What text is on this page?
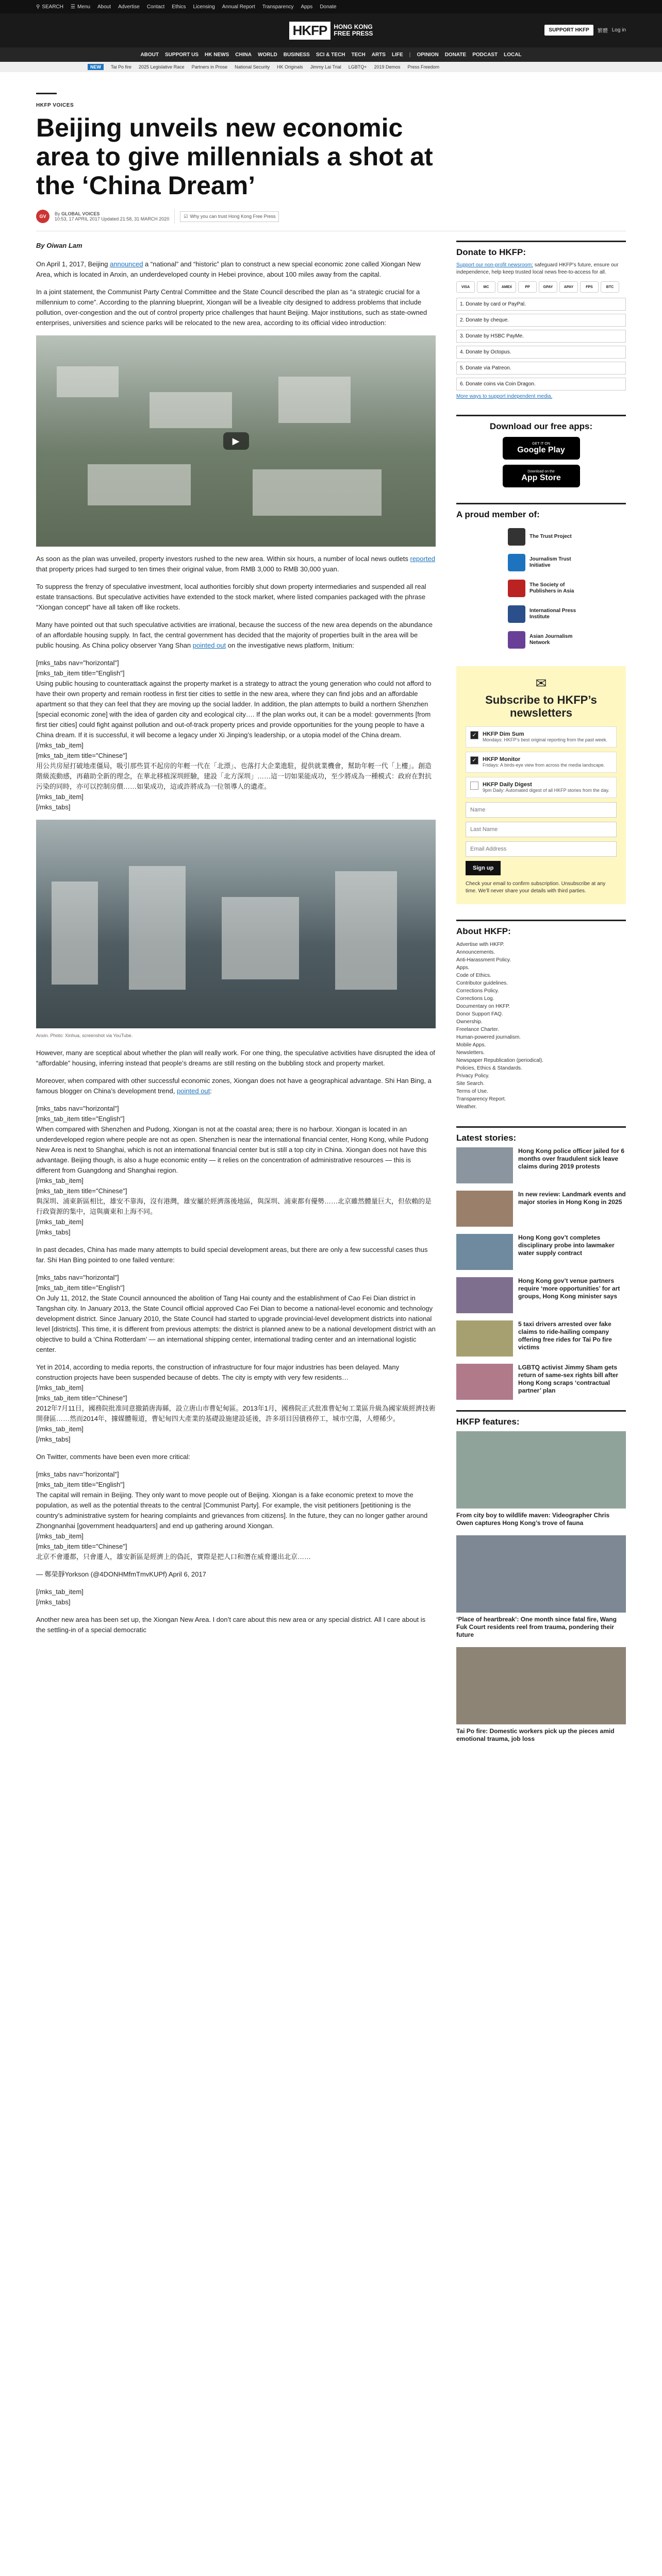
⚲ SEARCH ☰ Menu About Advertise Contact Ethics Licensing Annual Report Transparency Apps Donate
HKFP	HONG KONG
FREE PRESS	SUPPORT HKFP	繁體 Log in
ABOUT SUPPORT US HK NEWS CHINA WORLD BUSINESS SCI & TECH TECH ARTS LIFE | OPINION DONATE PODCAST LOCAL
NEW	Tai Po fire 2025 Legislative Race Partners in Prose National Security HK Originals Jimmy Lai Trial LGBTQ+ 2019 Demos Press Freedom
HKFP VOICES
Beijing unveils new economic area to give millennials a shot at the ‘China Dream’
GV	By GLOBAL VOICES
10:53, 17 APRIL 2017 Updated 21:58, 31 MARCH 2020
☑ Why you can trust Hong Kong Free Press

By Oiwan Lam

On April 1, 2017, Beijing announced a “national” and “historic” plan to construct a new special economic zone called Xiongan New Area, which is located in Anxin, an underdeveloped county in Hebei province, about 100 miles away from the capital.

In a joint statement, the Communist Party Central Committee and the State Council described the plan as “a strategic crucial for a millennium to come”. According to the planning blueprint, Xiongan will be a liveable city designed to address problems that include pollution, over-congestion and the out of control property price challenges that haunt Beijing. Major institutions, such as state-owned enterprises, universities and science parks will be relocated to the new area, according to its official video introduction:

▶

As soon as the plan was unveiled, property investors rushed to the new area. Within six hours, a number of local news outlets reported that property prices had surged to ten times their original value, from RMB 3,000 to RMB 30,000 yuan.

To suppress the frenzy of speculative investment, local authorities forcibly shut down property intermediaries and suspended all real estate transactions. But speculative activities have extended to the stock market, where listed companies packaged with the phrase “Xiongan concept” have all taken off like rockets.

Many have pointed out that such speculative activities are irrational, because the success of the new area depends on the abundance of an affordable housing supply. In fact, the central government has decided that the majority of properties built in the area will be public housing. As China policy observer Yang Shan pointed out on the investigative news platform, Initium:

[mks_tabs nav="horizontal"]

[mks_tab_item title="English"]

Using public housing to counterattack against the property market is a strategy to attract the young generation who could not afford to have their own property and remain rootless in first tier cities to settle in the new area, where they can find jobs and an affordable apartment so that they can feel that they are moving up the social ladder. In addition, the plan attempts to build a northern Shenzhen [special economic zone] with the idea of garden city and ecological city…. If the plan works out, it can be a model: governments [from first tier cities] could fight against pollution and out-of-track property prices and provide opportunities for the young people to have a China dream. If it is successful, it will become a legacy under Xi Jinping’s leadership, or a utopia model of the China dream.

[/mks_tab_item]

[mks_tab_item title="Chinese"]

用公共房屋打破地產僵局，吸引那些買不起房的年輕一代在「北漂」、也落打大企業進駐，提供就業機會，幫助年輕一代「上樓」。創造階級流動感，再藉助全新的理念，在華北移植深圳經驗，建設「北方深圳」……這一切如果能成功，至少將成為一種模式：政府在對抗污染的同時，亦可以控制房價……如果成功，這或許將成為一位領導人的遺產。

[/mks_tab_item]

[/mks_tabs]

Anxin. Photo: Xinhua, screenshot via YouTube.

However, many are sceptical about whether the plan will really work. For one thing, the speculative activities have disrupted the idea of “affordable” housing, inferring instead that people’s dreams are still resting on the bubbling stock and property market.

Moreover, when compared with other successful economic zones, Xiongan does not have a geographical advantage. Shi Han Bing, a famous blogger on China’s development trend, pointed out:

[mks_tabs nav="horizontal"]

[mks_tab_item title="English"]

When compared with Shenzhen and Pudong, Xiongan is not at the coastal area; there is no harbour. Xiongan is located in an underdeveloped region where people are not as open. Shenzhen is near the international financial center, Hong Kong, while Pudong New Area is next to Shanghai, which is not an international financial center but is still a top city in China. Xiongan does not have this advantage. Beijing though, is also a huge economic entity — it relies on the concentration of administrative resources — this is different from Guangdong and Shanghai region.

[/mks_tab_item]

[mks_tab_item title="Chinese"]

與深圳、浦東新區相比，雄安不靠海，沒有港灣，雄安屬於經濟落後地區，與深圳、浦東都有優勢……北京雖然體量巨大，但依賴的是行政資源的集中，這與廣東和上海不同。

[/mks_tab_item]

[/mks_tabs]

In past decades, China has made many attempts to build special development areas, but there are only a few successful cases thus far. Shi Han Bing pointed to one failed venture:

[mks_tabs nav="horizontal"]

[mks_tab_item title="English"]

On July 11, 2012, the State Council announced the abolition of Tang Hai county and the establishment of Cao Fei Dian district in Tangshan city. In January 2013, the State Council official approved Cao Fei Dian to become a national-level economic and technology development district. Since January 2010, the State Council had started to upgrade provincial-level development districts into national level [districts]. This time, it is different from previous attempts: the district is planned anew to be a national development district with an objective to build a ‘China Rotterdam’ — an international shipping center, international trading center and an international logistic center.

Yet in 2014, according to media reports, the construction of infrastructure for four major industries has been delayed. Many construction projects have been suspended because of debts. The city is empty with very few residents…

[/mks_tab_item]

[mks_tab_item title="Chinese"]

2012年7月11日，國務院批准同意撤銷唐海縣，設立唐山市曹妃甸區。2013年1月，國務院正式批准曹妃甸工業區升級為國家級經濟技術開發區……然而2014年，據媒體報道，曹妃甸四大產業的基礎設施建設延後，許多項目因債務停工，城市空蕩，人煙稀少。

[/mks_tab_item]

[/mks_tabs]

On Twitter, comments have been even more critical:

[mks_tabs nav="horizontal"]

[mks_tab_item title="English"]

The capital will remain in Beijing. They only want to move people out of Beijing. Xiongan is a fake economic pretext to move the population, as well as the potential threats to the central [Communist Party]. For example, the visit petitioners [petitioning is the country’s administrative system for hearing complaints and grievances from citizens]. In the future, they can no longer gather around Zhongnanhai [government headquarters] and end up gathering around Xiongan.

[/mks_tab_item]

[mks_tab_item title="Chinese"]

北京不會遷都，只會遷人，雄安新區是經濟上的偽託，實際是把人口和潛在威脅遷出北京……

— 鄭榮靜Yorkson (@4DONHMfmTmvKUPf) April 6, 2017

[/mks_tab_item]

[/mks_tabs]

Another new area has been set up, the Xiongan New Area. I don’t care about this new area or any special district. All I care about is the settling-in of a special democratic

Donate to HKFP:

Support our non-profit newsroom: safeguard HKFP’s future, ensure our independence, help keep trusted local news free-to-access for all.

VISA	MC	AMEX	PP	GPAY	APAY	FPS	BTC
1. Donate by card or PayPal.
2. Donate by cheque.
3. Donate by HSBC PayMe.
4. Donate by Octopus.
5. Donate via Patreon.
6. Donate coins via Coin Dragon.
More ways to support independent media.
Download our free apps:
GET IT ON
Google Play
Download on the
App Store
A proud member of:
The Trust Project
Journalism Trust Initiative
The Society of Publishers in Asia
International Press Institute
Asian Journalism Network
✉
Subscribe to HKFP’s newsletters
✓	HKFP Dim Sum
Mondays: HKFP’s best original reporting from the past week.
✓	HKFP Monitor
Fridays: A birds-eye view from across the media landscape.
HKFP Daily Digest
9pm Daily: Automated digest of all HKFP stories from the day.
Name Last Name Email Address Sign up

Check your email to confirm subscription. Unsubscribe at any time. We’ll never share your details with third parties.

About HKFP:
Advertise with HKFP.
Announcements.
Anti-Harassment Policy.
Apps.
Code of Ethics.
Contributor guidelines.
Corrections Policy.
Corrections Log.
Documentary on HKFP.
Donor Support FAQ.
Ownership.
Freelance Charter.
Human-powered journalism.
Mobile Apps.
Newsletters.
Newspaper Republication (periodical).
Policies, Ethics & Standards.
Privacy Policy.
Site Search.
Terms of Use.
Transparency Report.
Weather.
Latest stories:
Hong Kong police officer jailed for 6 months over fraudulent sick leave claims during 2019 protests
In new review: Landmark events and major stories in Hong Kong in 2025
Hong Kong gov’t completes disciplinary probe into lawmaker water supply contract
Hong Kong gov’t venue partners require ‘more opportunities’ for art groups, Hong Kong minister says
5 taxi drivers arrested over fake claims to ride-hailing company offering free rides for Tai Po fire victims
LGBTQ activist Jimmy Sham gets return of same-sex rights bill after Hong Kong scraps ‘contractual partner’ plan
HKFP features:
From city boy to wildlife maven: Videographer Chris Owen captures Hong Kong’s trove of fauna
‘Place of heartbreak’: One month since fatal fire, Wang Fuk Court residents reel from trauma, pondering their future
Tai Po fire: Domestic workers pick up the pieces amid emotional trauma, job loss
